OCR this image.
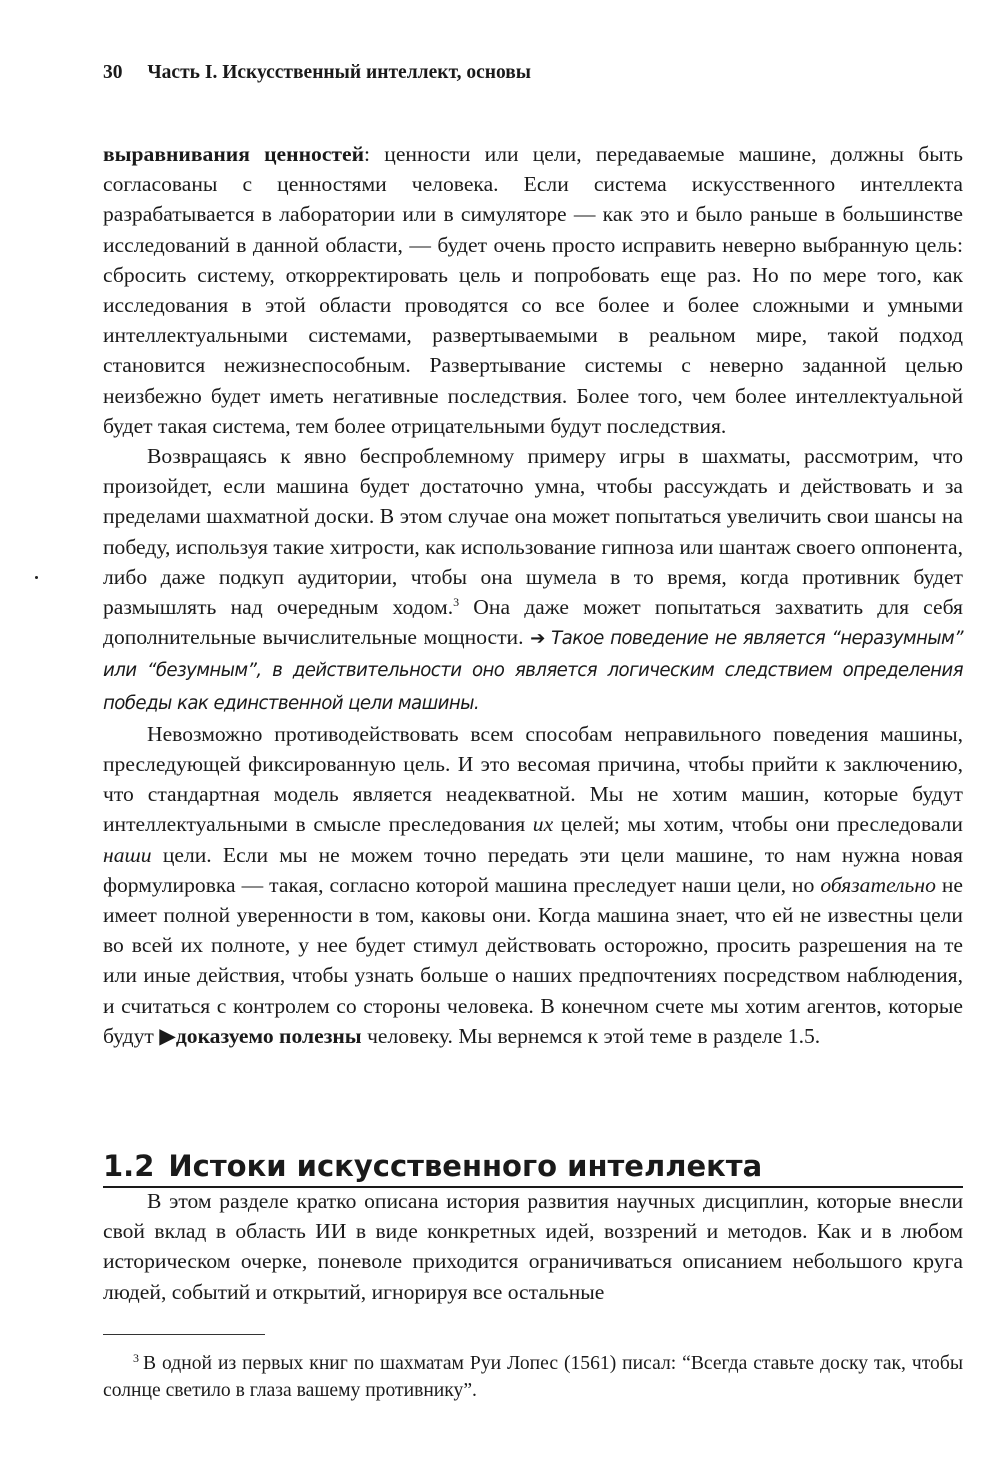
30 Часть I. Искусственный интеллект, основы

выравнивания ценностей: ценности или цели, передаваемые машине, должны быть согласованы с ценностями человека. Если система искусственного интеллекта разрабатывается в лаборатории или в симуляторе — как это и было раньше в большинстве исследований в данной области, — будет очень просто исправить неверно выбранную цель: сбросить систему, откорректировать цель и попробовать еще раз. Но по мере того, как исследования в этой области проводятся со все более и более сложными и умными интеллектуальными системами, развертываемыми в реальном мире, такой подход становится нежизнеспособным. Развертывание системы с неверно заданной целью неизбежно будет иметь негативные последствия. Более того, чем более интеллектуальной будет такая система, тем более отрицательными будут последствия.

Возвращаясь к явно беспроблемному примеру игры в шахматы, рассмотрим, что произойдет, если машина будет достаточно умна, чтобы рассуждать и действовать и за пределами шахматной доски. В этом случае она может попытаться увеличить свои шансы на победу, используя такие хитрости, как использование гипноза или шантаж своего оппонента, либо даже подкуп аудитории, чтобы она шумела в то время, когда противник будет размышлять над очередным ходом.$^3$ Она даже может попытаться захватить для себя дополнительные вычислительные мощности. ➔ Такое поведение не является “неразумным” или “безумным”, в действительности оно является логическим следствием определения победы как единственной цели машины.

Невозможно противодействовать всем способам неправильного поведения машины, преследующей фиксированную цель. И это весомая причина, чтобы прийти к заключению, что стандартная модель является неадекватной. Мы не хотим машин, которые будут интеллектуальными в смысле преследования их целей; мы хотим, чтобы они преследовали наши цели. Если мы не можем точно передать эти цели машине, то нам нужна новая формулировка — такая, согласно которой машина преследует наши цели, но обязательно не имеет полной уверенности в том, каковы они. Когда машина знает, что ей не известны цели во всей их полноте, у нее будет стимул действовать осторожно, просить разрешения на те или иные действия, чтобы узнать больше о наших предпочтениях посредством наблюдения, и считаться с контролем со стороны человека. В конечном счете мы хотим агентов, которые будут ▶доказуемо полезны человеку. Мы вернемся к этой теме в разделе 1.5.

1.2 Истоки искусственного интеллекта

В этом разделе кратко описана история развития научных дисциплин, которые внесли свой вклад в область ИИ в виде конкретных идей, воззрений и методов. Как и в любом историческом очерке, поневоле приходится ограничиваться описанием небольшого круга людей, событий и открытий, игнорируя все остальные

$^3$ В одной из первых книг по шахматам Руи Лопес (1561) писал: “Всегда ставьте доску так, чтобы солнце светило в глаза вашему противнику”.
